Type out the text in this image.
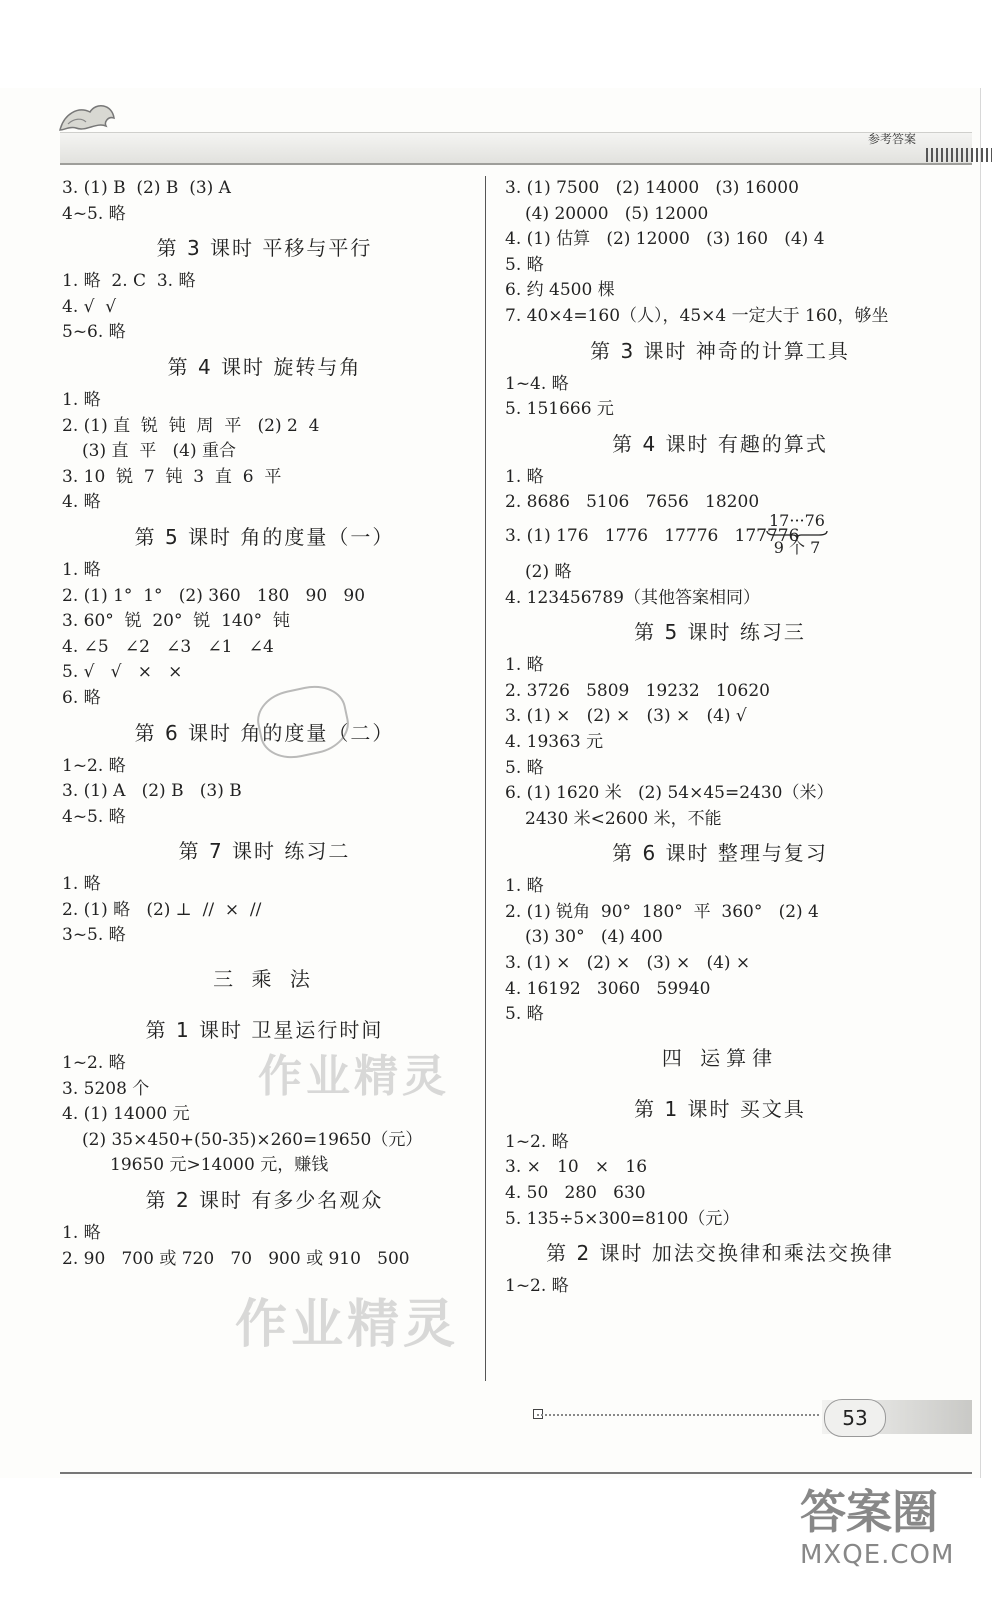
参考答案
3. (1) B  (2) B  (3) A
4~5. 略
第 3 课时 平移与平行
1. 略  2. C  3. 略
4. √  √
5~6. 略
第 4 课时 旋转与角
1. 略
2. (1) 直  锐  钝  周  平   (2) 2  4
(3) 直  平   (4) 重合
3. 10  锐  7  钝  3  直  6  平
4. 略
第 5 课时 角的度量（一）
1. 略
2. (1) 1°  1°   (2) 360   180   90   90
3. 60°  锐  20°  锐  140°  钝
4. ∠5   ∠2   ∠3   ∠1   ∠4
5. √   √   ×   ×
6. 略
第 6 课时 角的度量（二）
1~2. 略
3. (1) A   (2) B   (3) B
4~5. 略
第 7 课时 练习二
1. 略
2. (1) 略   (2) ⊥  //  ×  //
3~5. 略
三 乘 法
第 1 课时 卫星运行时间
1~2. 略
3. 5208 个
4. (1) 14000 元
(2) 35×450+(50-35)×260=19650（元）
19650 元>14000 元，赚钱
第 2 课时 有多少名观众
1. 略
2. 90   700 或 720   70   900 或 910   500
3. (1) 7500   (2) 14000   (3) 16000
(4) 20000   (5) 12000
4. (1) 估算   (2) 12000   (3) 160   (4) 4
5. 略
6. 约 4500 棵
7. 40×4=160（人），45×4 一定大于 160，够坐
第 3 课时 神奇的计算工具
1~4. 略
5. 151666 元
第 4 课时 有趣的算式
1. 略
2. 8686   5106   7656   18200
3. (1) 176   1776   17776   177776
17···76
9 个 7
(2) 略
4. 123456789（其他答案相同）
第 5 课时 练习三
1. 略
2. 3726   5809   19232   10620
3. (1) ×   (2) ×   (3) ×   (4) √
4. 19363 元
5. 略
6. (1) 1620 米   (2) 54×45=2430（米）
2430 米<2600 米，不能
第 6 课时 整理与复习
1. 略
2. (1) 锐角  90°  180°  平  360°   (2) 4
(3) 30°   (4) 400
3. (1) ×   (2) ×   (3) ×   (4) ×
4. 16192   3060   59940
5. 略
四 运算律
第 1 课时 买文具
1~2. 略
3. ×   10   ×   16
4. 50   280   630
5. 135÷5×300=8100（元）
第 2 课时 加法交换律和乘法交换律
1~2. 略
作业精灵
作业精灵
53
答案圈
MXQE.COM
